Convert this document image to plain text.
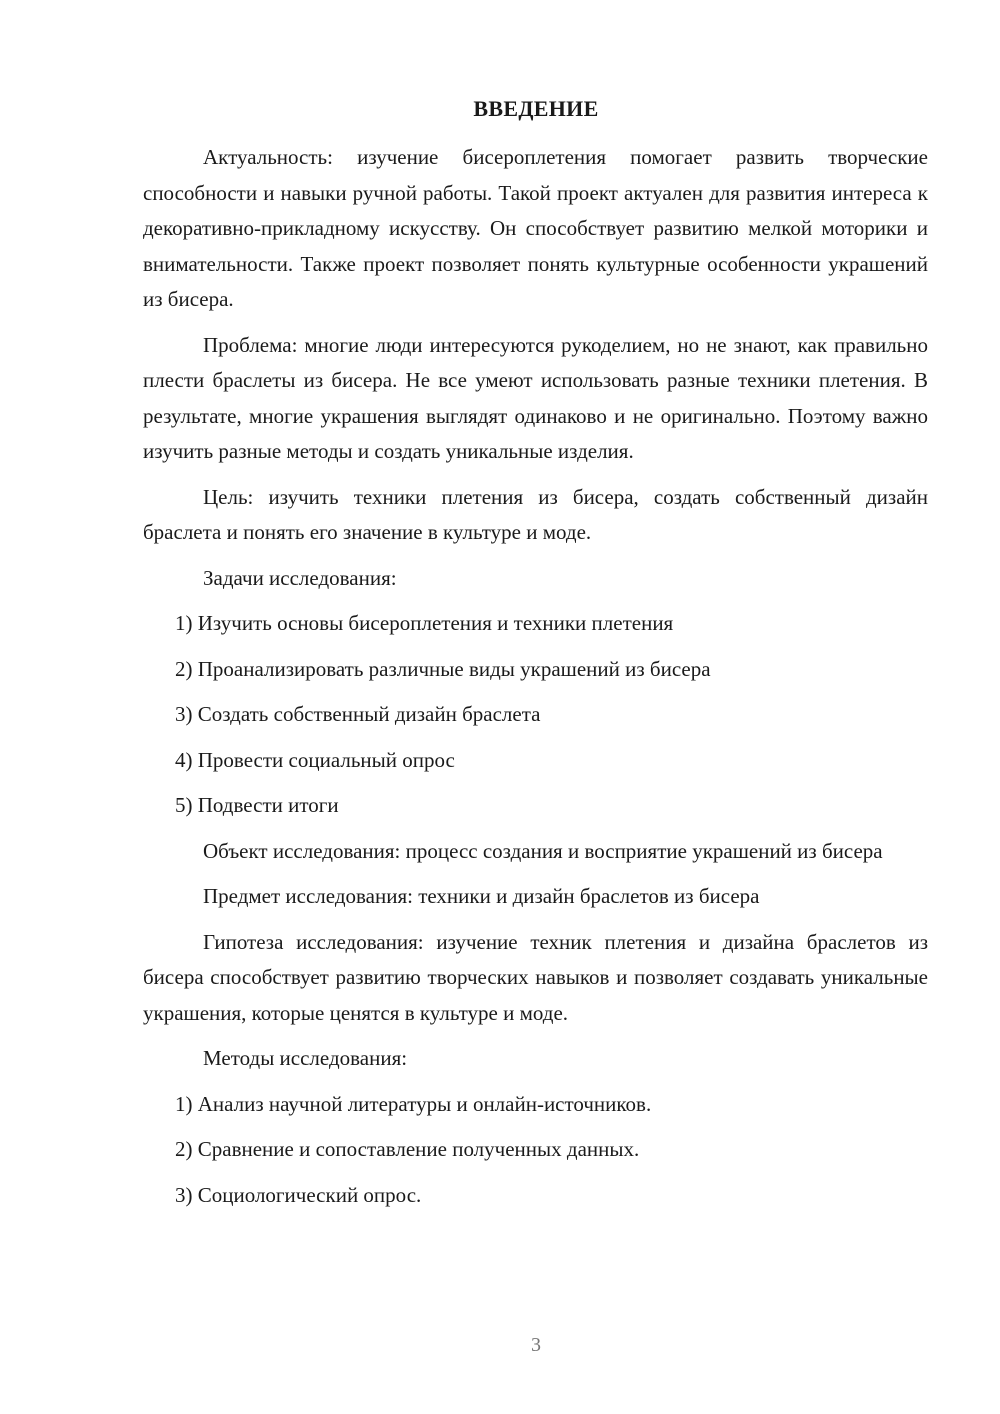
ВВЕДЕНИЕ

Актуальность: изучение бисероплетения помогает развить творческие способности и навыки ручной работы. Такой проект актуален для развития интереса к декоративно-прикладному искусству. Он способствует развитию мелкой моторики и внимательности. Также проект позволяет понять культурные особенности украшений из бисера.

Проблема: многие люди интересуются рукоделием, но не знают, как правильно плести браслеты из бисера. Не все умеют использовать разные техники плетения. В результате, многие украшения выглядят одинаково и не оригинально. Поэтому важно изучить разные методы и создать уникальные изделия.

Цель: изучить техники плетения из бисера, создать собственный дизайн браслета и понять его значение в культуре и моде.

Задачи исследования:
1) Изучить основы бисероплетения и техники плетения
2) Проанализировать различные виды украшений из бисера
3) Создать собственный дизайн браслета
4) Провести социальный опрос
5) Подвести итоги

Объект исследования: процесс создания и восприятие украшений из бисера

Предмет исследования: техники и дизайн браслетов из бисера

Гипотеза исследования: изучение техник плетения и дизайна браслетов из бисера способствует развитию творческих навыков и позволяет создавать уникальные украшения, которые ценятся в культуре и моде.

Методы исследования:
1) Анализ научной литературы и онлайн-источников.
2) Сравнение и сопоставление полученных данных.
3) Социологический опрос.
3
